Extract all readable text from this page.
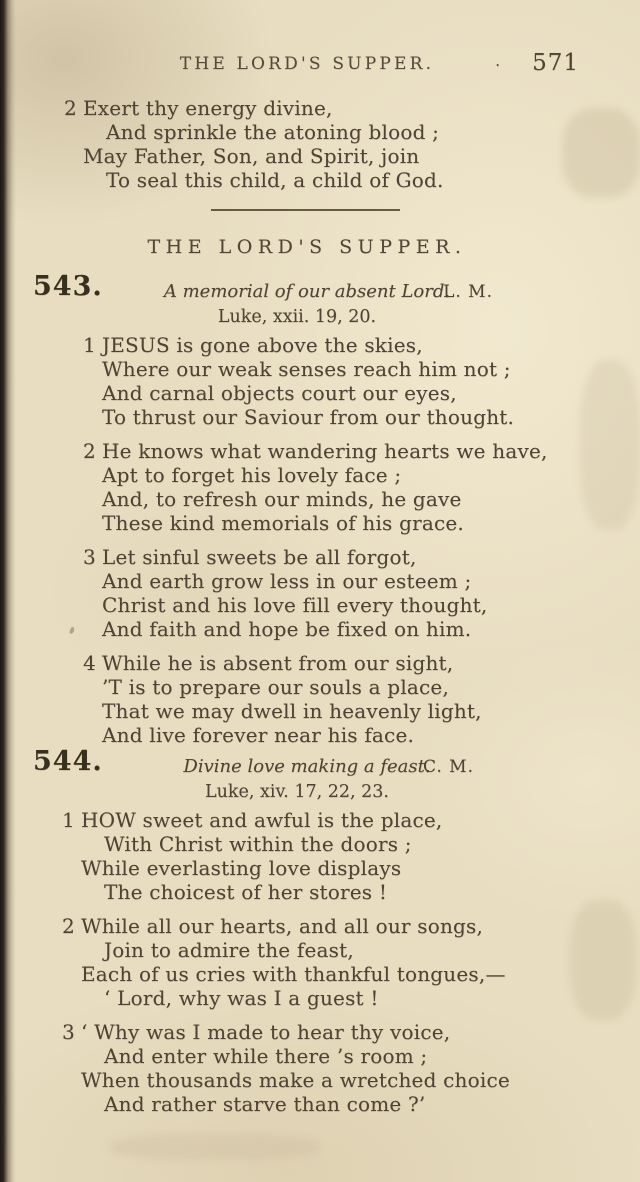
THE LORD'S SUPPER.	. 571
2 Exert thy energy divine,
And sprinkle the atoning blood ;
May Father, Son, and Spirit, join
To seal this child, a child of God.
THE LORD'S SUPPER.
543.	A memorial of our absent Lord.
L. M.
Luke, xxii. 19, 20.
1 JESUS is gone above the skies,
Where our weak senses reach him not ;
And carnal objects court our eyes,
To thrust our Saviour from our thought.
2 He knows what wandering hearts we have,
Apt to forget his lovely face ;
And, to refresh our minds, he gave
These kind memorials of his grace.
3 Let sinful sweets be all forgot,
And earth grow less in our esteem ;
Christ and his love fill every thought,
And faith and hope be fixed on him.
4 While he is absent from our sight,
’T is to prepare our souls a place,
That we may dwell in heavenly light,
And live forever near his face.
544.	Divine love making a feast.
C. M.
Luke, xiv. 17, 22, 23.
1 HOW sweet and awful is the place,
With Christ within the doors ;
While everlasting love displays
The choicest of her stores !
2 While all our hearts, and all our songs,
Join to admire the feast,
Each of us cries with thankful tongues,—
‘ Lord, why was I a guest !
3 ‘ Why was I made to hear thy voice,
And enter while there ’s room ;
When thousands make a wretched choice
And rather starve than come ?’
